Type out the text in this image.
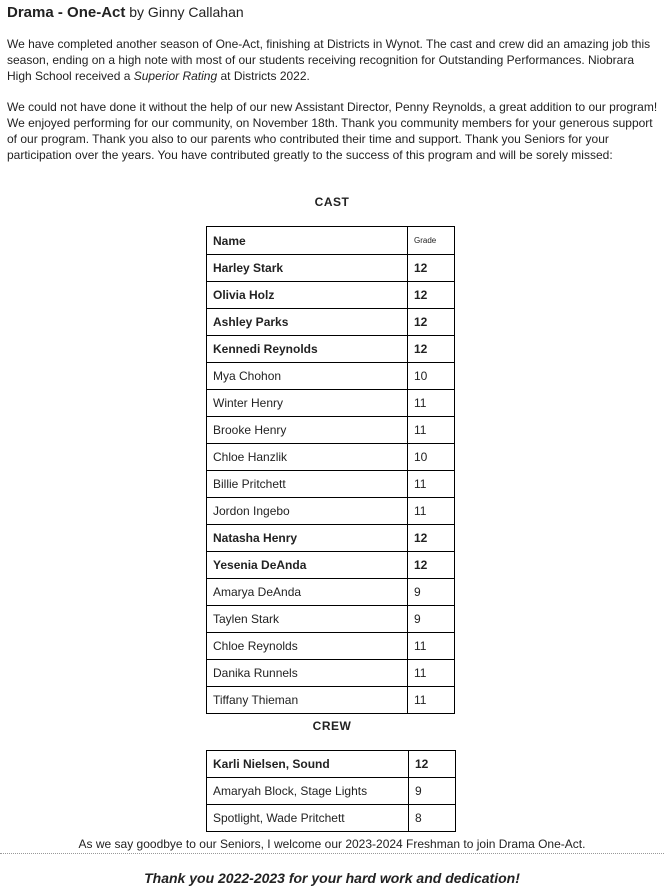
Drama - One-Act by Ginny Callahan

We have completed another season of One-Act, finishing at Districts in Wynot. The cast and crew did an amazing job this season, ending on a high note with most of our students receiving recognition for Outstanding Performances. Niobrara High School received a Superior Rating at Districts 2022.

We could not have done it without the help of our new Assistant Director, Penny Reynolds, a great addition to our program! We enjoyed performing for our community, on November 18th. Thank you community members for your generous support of our program. Thank you also to our parents who contributed their time and support. Thank you Seniors for your participation over the years. You have contributed greatly to the success of this program and will be sorely missed:

CAST
Name	Grade
Harley Stark	12
Olivia Holz	12
Ashley Parks	12
Kennedi Reynolds	12
Mya Chohon	10
Winter Henry	11
Brooke Henry	11
Chloe Hanzlik	10
Billie Pritchett	11
Jordon Ingebo	11
Natasha Henry	12
Yesenia DeAnda	12
Amarya DeAnda	9
Taylen Stark	9
Chloe Reynolds	11
Danika Runnels	11
Tiffany Thieman	11
CREW
Karli Nielsen, Sound	12
Amaryah Block, Stage Lights	9
Spotlight, Wade Pritchett	8
As we say goodbye to our Seniors, I welcome our 2023-2024 Freshman to join Drama One-Act.
Thank you 2022-2023 for your hard work and dedication!
